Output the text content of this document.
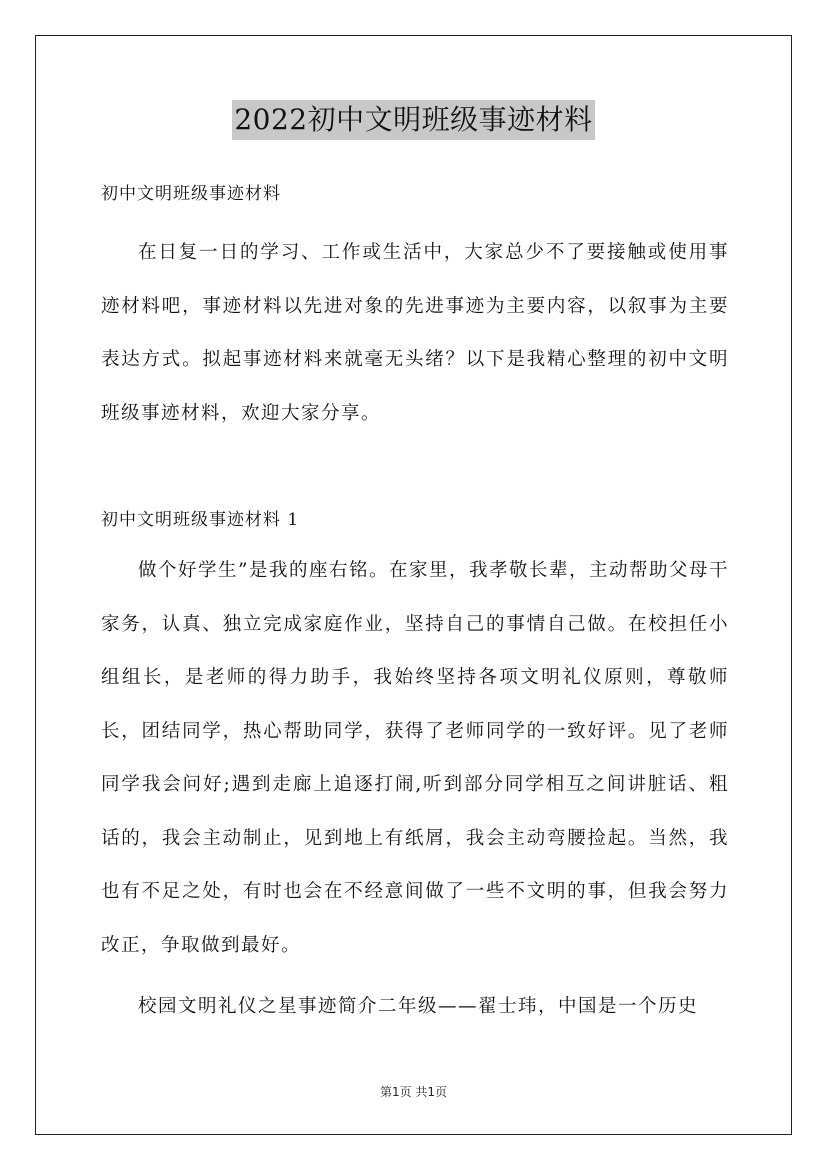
2022初中文明班级事迹材料

初中文明班级事迹材料

在日复一日的学习、工作或生活中，大家总少不了要接触或使用事迹材料吧，事迹材料以先进对象的先进事迹为主要内容，以叙事为主要表达方式。拟起事迹材料来就毫无头绪？以下是我精心整理的初中文明班级事迹材料，欢迎大家分享。

初中文明班级事迹材料 1

做个好学生”是我的座右铭。在家里，我孝敬长辈，主动帮助父母干家务，认真、独立完成家庭作业，坚持自己的事情自己做。在校担任小组组长，是老师的得力助手，我始终坚持各项文明礼仪原则，尊敬师长，团结同学，热心帮助同学，获得了老师同学的一致好评。见了老师同学我会问好;遇到走廊上追逐打闹,听到部分同学相互之间讲脏话、粗话的，我会主动制止，见到地上有纸屑，我会主动弯腰捡起。当然，我也有不足之处，有时也会在不经意间做了一些不文明的事，但我会努力改正，争取做到最好。

校园文明礼仪之星事迹简介二年级——翟士玮，中国是一个历史

第1页 共1页
